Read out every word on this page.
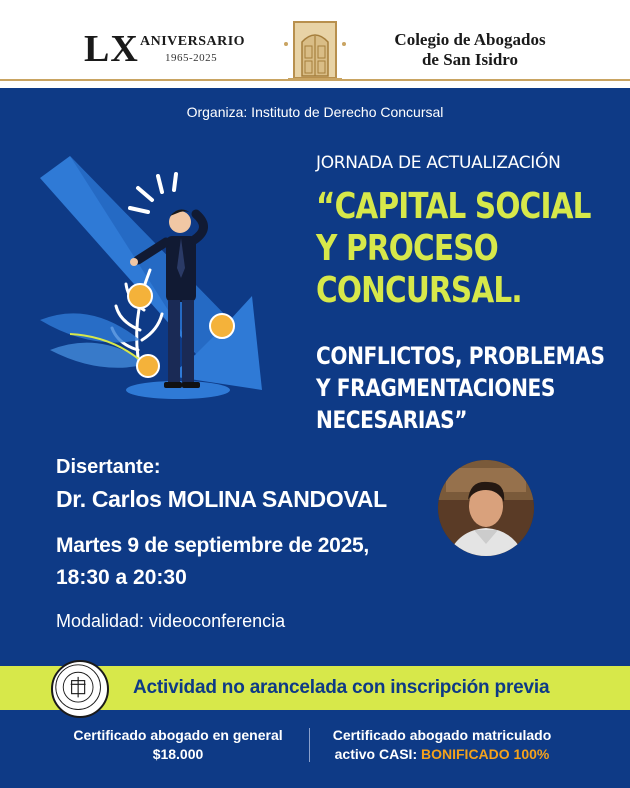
LX ANIVERSARIO
1965-2025
Colegio de Abogados
de San Isidro
Organiza: Instituto de Derecho Concursal
JORNADA DE ACTUALIZACIÓN
“CAPITAL SOCIAL
Y PROCESO
CONCURSAL.
CONFLICTOS, PROBLEMAS
Y FRAGMENTACIONES
NECESARIAS”
Disertante:
Dr. Carlos MOLINA SANDOVAL
Martes 9 de septiembre de 2025,
18:30 a 20:30
Modalidad: videoconferencia
Actividad no arancelada con inscripción previa
Certificado abogado en general
$18.000
Certificado abogado matriculado
activo CASI: BONIFICADO 100%
